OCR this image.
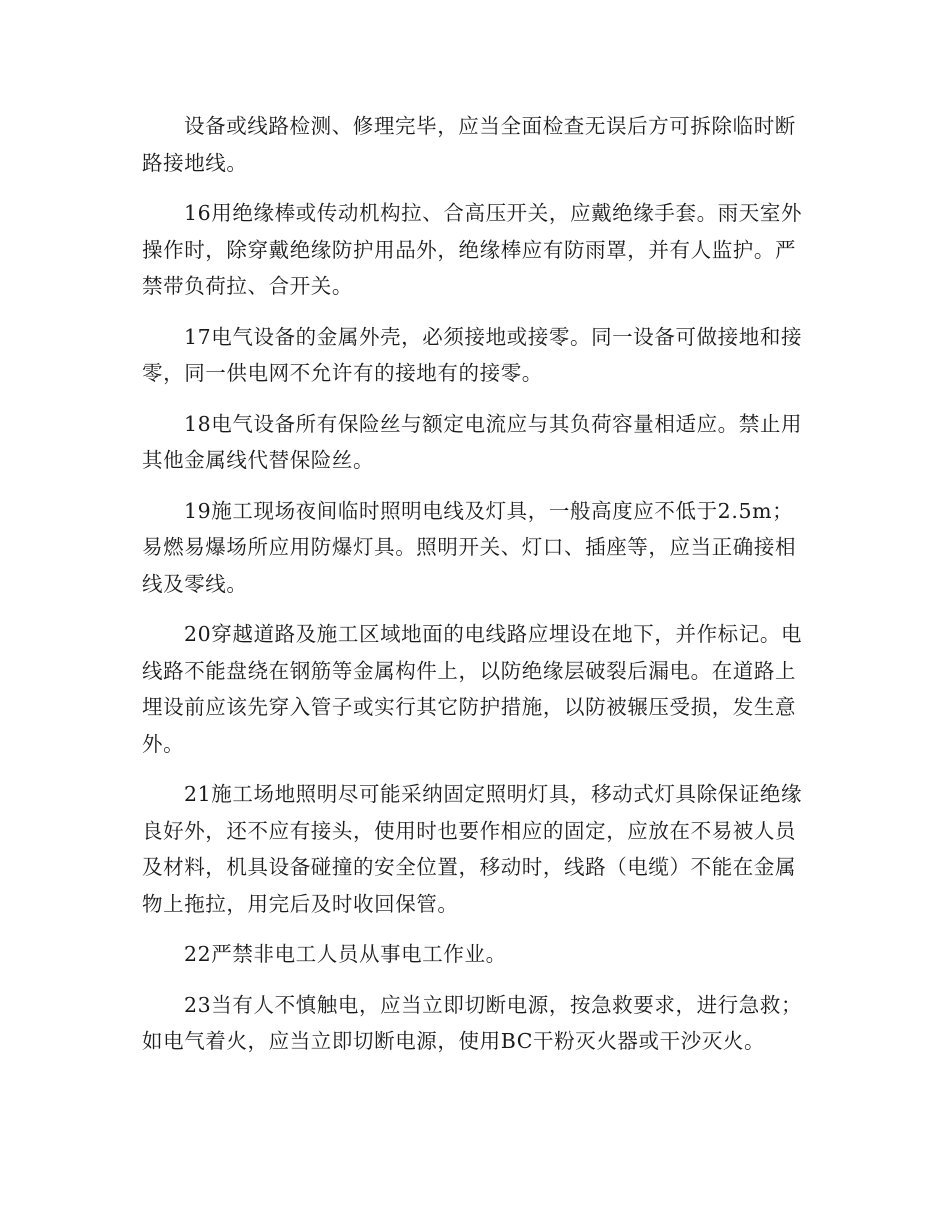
设备或线路检测、修理完毕，应当全面检查无误后方可拆除临时断路接地线。

16用绝缘棒或传动机构拉、合高压开关，应戴绝缘手套。雨天室外操作时，除穿戴绝缘防护用品外，绝缘棒应有防雨罩，并有人监护。严禁带负荷拉、合开关。

17电气设备的金属外壳，必须接地或接零。同一设备可做接地和接零，同一供电网不允许有的接地有的接零。

18电气设备所有保险丝与额定电流应与其负荷容量相适应。禁止用其他金属线代替保险丝。

19施工现场夜间临时照明电线及灯具，一般高度应不低于2.5m；易燃易爆场所应用防爆灯具。照明开关、灯口、插座等，应当正确接相线及零线。

20穿越道路及施工区域地面的电线路应埋设在地下，并作标记。电线路不能盘绕在钢筋等金属构件上，以防绝缘层破裂后漏电。在道路上埋设前应该先穿入管子或实行其它防护措施，以防被辗压受损，发生意外。

21施工场地照明尽可能采纳固定照明灯具，移动式灯具除保证绝缘良好外，还不应有接头，使用时也要作相应的固定，应放在不易被人员及材料，机具设备碰撞的安全位置，移动时，线路（电缆）不能在金属物上拖拉，用完后及时收回保管。

22严禁非电工人员从事电工作业。

23当有人不慎触电，应当立即切断电源，按急救要求，进行急救；如电气着火，应当立即切断电源，使用BC干粉灭火器或干沙灭火。
